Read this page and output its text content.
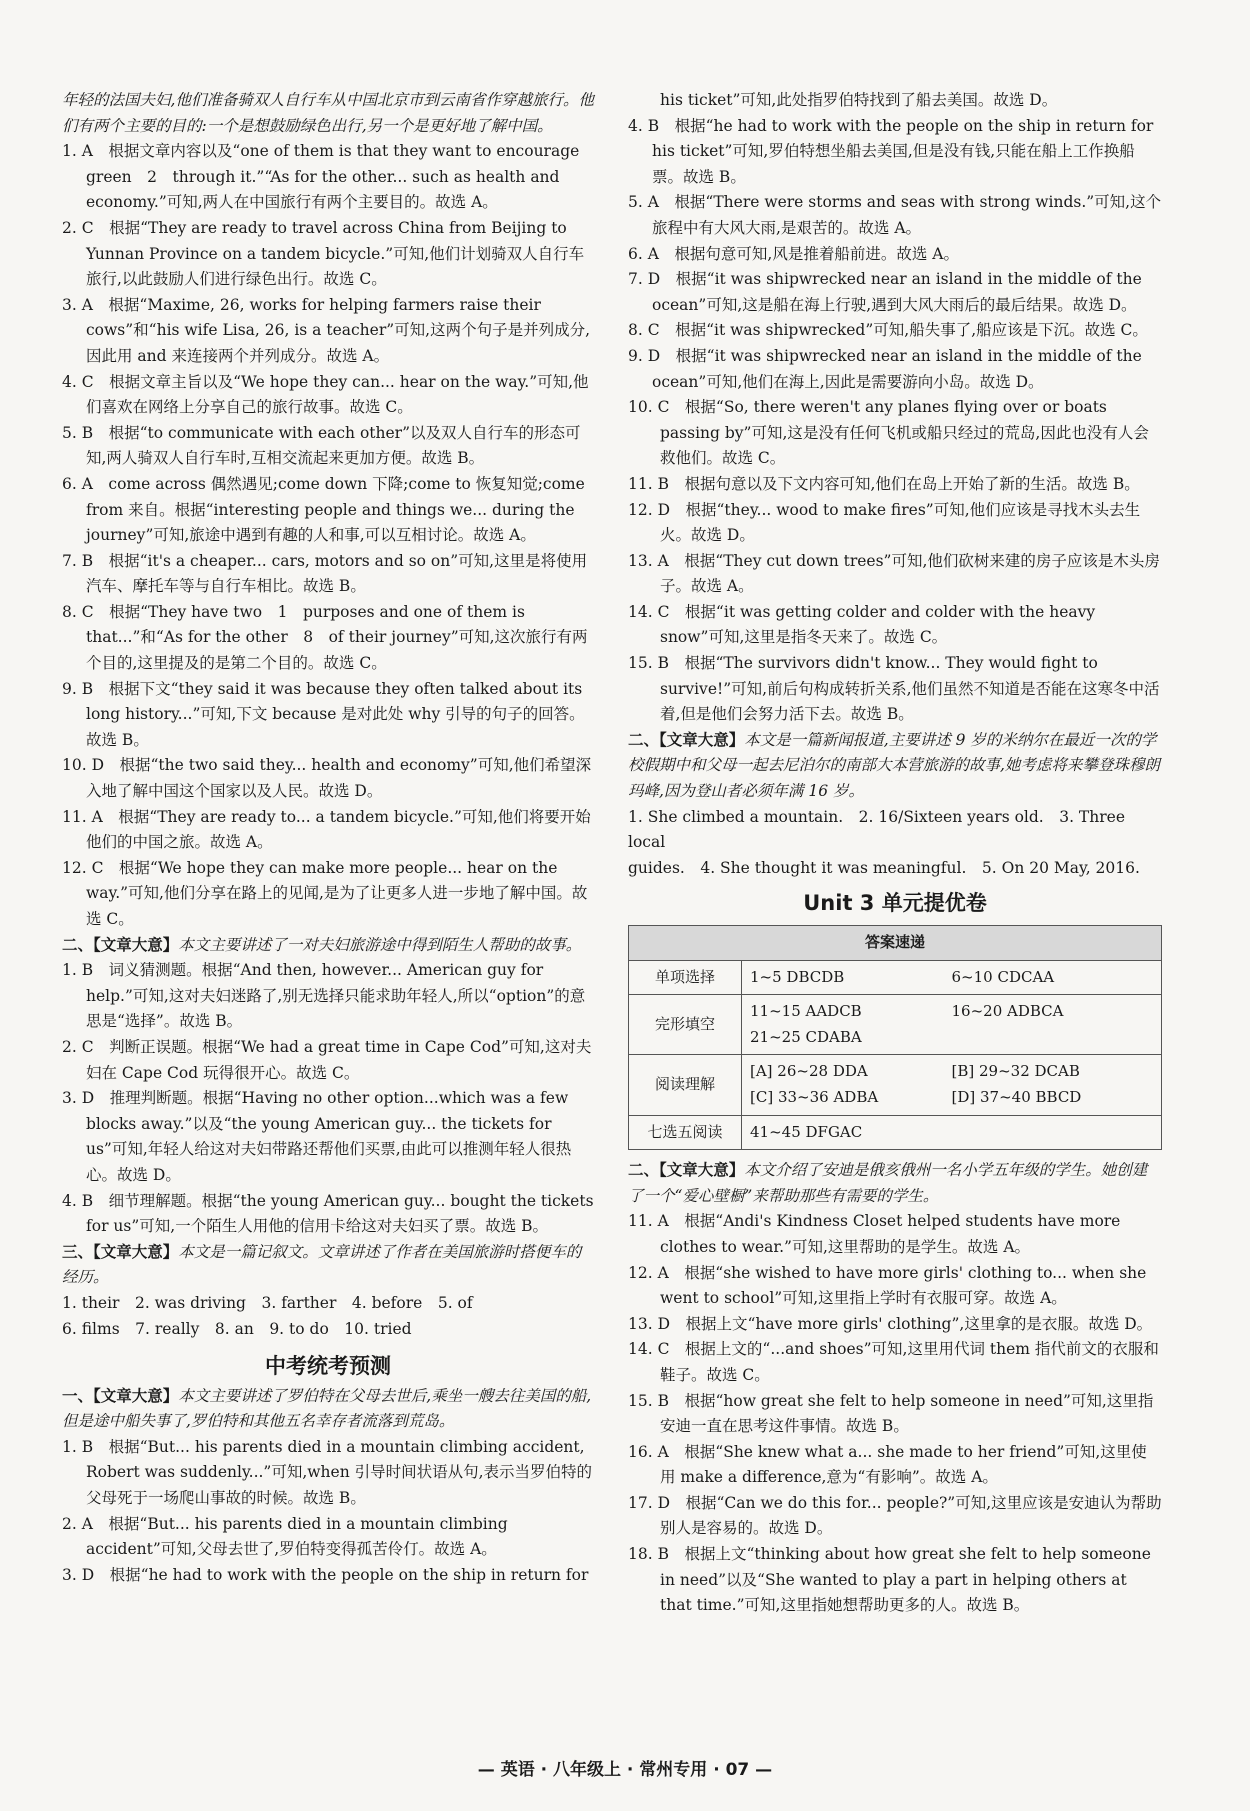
年轻的法国夫妇,他们准备骑双人自行车从中国北京市到云南省作穿越旅行。他们有两个主要的目的:一个是想鼓励绿色出行,另一个是更好地了解中国。

1. A　根据文章内容以及“one of them is that they want to encourage green　2　through it.”“As for the other... such as health and economy.”可知,两人在中国旅行有两个主要目的。故选 A。

2. C　根据“They are ready to travel across China from Beijing to Yunnan Province on a tandem bicycle.”可知,他们计划骑双人自行车旅行,以此鼓励人们进行绿色出行。故选 C。

3. A　根据“Maxime, 26, works for helping farmers raise their cows”和“his wife Lisa, 26, is a teacher”可知,这两个句子是并列成分,因此用 and 来连接两个并列成分。故选 A。

4. C　根据文章主旨以及“We hope they can... hear on the way.”可知,他们喜欢在网络上分享自己的旅行故事。故选 C。

5. B　根据“to communicate with each other”以及双人自行车的形态可知,两人骑双人自行车时,互相交流起来更加方便。故选 B。

6. A　come across 偶然遇见;come down 下降;come to 恢复知觉;come from 来自。根据“interesting people and things we... during the journey”可知,旅途中遇到有趣的人和事,可以互相讨论。故选 A。

7. B　根据“it's a cheaper... cars, motors and so on”可知,这里是将使用汽车、摩托车等与自行车相比。故选 B。

8. C　根据“They have two　1　purposes and one of them is that...”和“As for the other　8　of their journey”可知,这次旅行有两个目的,这里提及的是第二个目的。故选 C。

9. B　根据下文“they said it was because they often talked about its long history...”可知,下文 because 是对此处 why 引导的句子的回答。故选 B。

10. D　根据“the two said they... health and economy”可知,他们希望深入地了解中国这个国家以及人民。故选 D。

11. A　根据“They are ready to... a tandem bicycle.”可知,他们将要开始他们的中国之旅。故选 A。

12. C　根据“We hope they can make more people... hear on the way.”可知,他们分享在路上的见闻,是为了让更多人进一步地了解中国。故选 C。

二、【文章大意】本文主要讲述了一对夫妇旅游途中得到陌生人帮助的故事。

1. B　词义猜测题。根据“And then, however... American guy for help.”可知,这对夫妇迷路了,别无选择只能求助年轻人,所以“option”的意思是“选择”。故选 B。

2. C　判断正误题。根据“We had a great time in Cape Cod”可知,这对夫妇在 Cape Cod 玩得很开心。故选 C。

3. D　推理判断题。根据“Having no other option...which was a few blocks away.”以及“the young American guy... the tickets for us”可知,年轻人给这对夫妇带路还帮他们买票,由此可以推测年轻人很热心。故选 D。

4. B　细节理解题。根据“the young American guy... bought the tickets for us”可知,一个陌生人用他的信用卡给这对夫妇买了票。故选 B。

三、【文章大意】本文是一篇记叙文。文章讲述了作者在美国旅游时搭便车的经历。

1. their　2. was driving　3. farther　4. before　5. of

6. films　7. really　8. an　9. to do　10. tried

中考统考预测

一、【文章大意】本文主要讲述了罗伯特在父母去世后,乘坐一艘去往美国的船,但是途中船失事了,罗伯特和其他五名幸存者流落到荒岛。

1. B　根据“But... his parents died in a mountain climbing accident, Robert was suddenly...”可知,when 引导时间状语从句,表示当罗伯特的父母死于一场爬山事故的时候。故选 B。

2. A　根据“But... his parents died in a mountain climbing accident”可知,父母去世了,罗伯特变得孤苦伶仃。故选 A。

3. D　根据“he had to work with the people on the ship in return for

his ticket”可知,此处指罗伯特找到了船去美国。故选 D。

4. B　根据“he had to work with the people on the ship in return for his ticket”可知,罗伯特想坐船去美国,但是没有钱,只能在船上工作换船票。故选 B。

5. A　根据“There were storms and seas with strong winds.”可知,这个旅程中有大风大雨,是艰苦的。故选 A。

6. A　根据句意可知,风是推着船前进。故选 A。

7. D　根据“it was shipwrecked near an island in the middle of the ocean”可知,这是船在海上行驶,遇到大风大雨后的最后结果。故选 D。

8. C　根据“it was shipwrecked”可知,船失事了,船应该是下沉。故选 C。

9. D　根据“it was shipwrecked near an island in the middle of the ocean”可知,他们在海上,因此是需要游向小岛。故选 D。

10. C　根据“So, there weren't any planes flying over or boats passing by”可知,这是没有任何飞机或船只经过的荒岛,因此也没有人会救他们。故选 C。

11. B　根据句意以及下文内容可知,他们在岛上开始了新的生活。故选 B。

12. D　根据“they... wood to make fires”可知,他们应该是寻找木头去生火。故选 D。

13. A　根据“They cut down trees”可知,他们砍树来建的房子应该是木头房子。故选 A。

14. C　根据“it was getting colder and colder with the heavy snow”可知,这里是指冬天来了。故选 C。

15. B　根据“The survivors didn't know... They would fight to survive!”可知,前后句构成转折关系,他们虽然不知道是否能在这寒冬中活着,但是他们会努力活下去。故选 B。

二、【文章大意】本文是一篇新闻报道,主要讲述 9 岁的米纳尔在最近一次的学校假期中和父母一起去尼泊尔的南部大本营旅游的故事,她考虑将来攀登珠穆朗玛峰,因为登山者必须年满 16 岁。

1. She climbed a mountain.　2. 16/Sixteen years old.　3. Three local

guides.　4. She thought it was meaningful.　5. On 20 May, 2016.

Unit 3 单元提优卷
答案速递	
单项选择	1~5 DBCDB 6~10 CDCAA

完形填空	11~15 AADCB 16~20 ADBCA
21~25 CDABA

阅读理解	[A] 26~28 DDA [B] 29~32 DCAB
[C] 33~36 ADBA [D] 37~40 BBCD

七选五阅读	41~45 DFGAC

二、【文章大意】本文介绍了安迪是俄亥俄州一名小学五年级的学生。她创建了一个“爱心壁橱”来帮助那些有需要的学生。

11. A　根据“Andi's Kindness Closet helped students have more clothes to wear.”可知,这里帮助的是学生。故选 A。

12. A　根据“she wished to have more girls' clothing to... when she went to school”可知,这里指上学时有衣服可穿。故选 A。

13. D　根据上文“have more girls' clothing”,这里拿的是衣服。故选 D。

14. C　根据上文的“...and shoes”可知,这里用代词 them 指代前文的衣服和鞋子。故选 C。

15. B　根据“how great she felt to help someone in need”可知,这里指安迪一直在思考这件事情。故选 B。

16. A　根据“She knew what a... she made to her friend”可知,这里使用 make a difference,意为“有影响”。故选 A。

17. D　根据“Can we do this for... people?”可知,这里应该是安迪认为帮助别人是容易的。故选 D。

18. B　根据上文“thinking about how great she felt to help someone in need”以及“She wanted to play a part in helping others at that time.”可知,这里指她想帮助更多的人。故选 B。

— 英语 · 八年级上 · 常州专用 · 07 —
